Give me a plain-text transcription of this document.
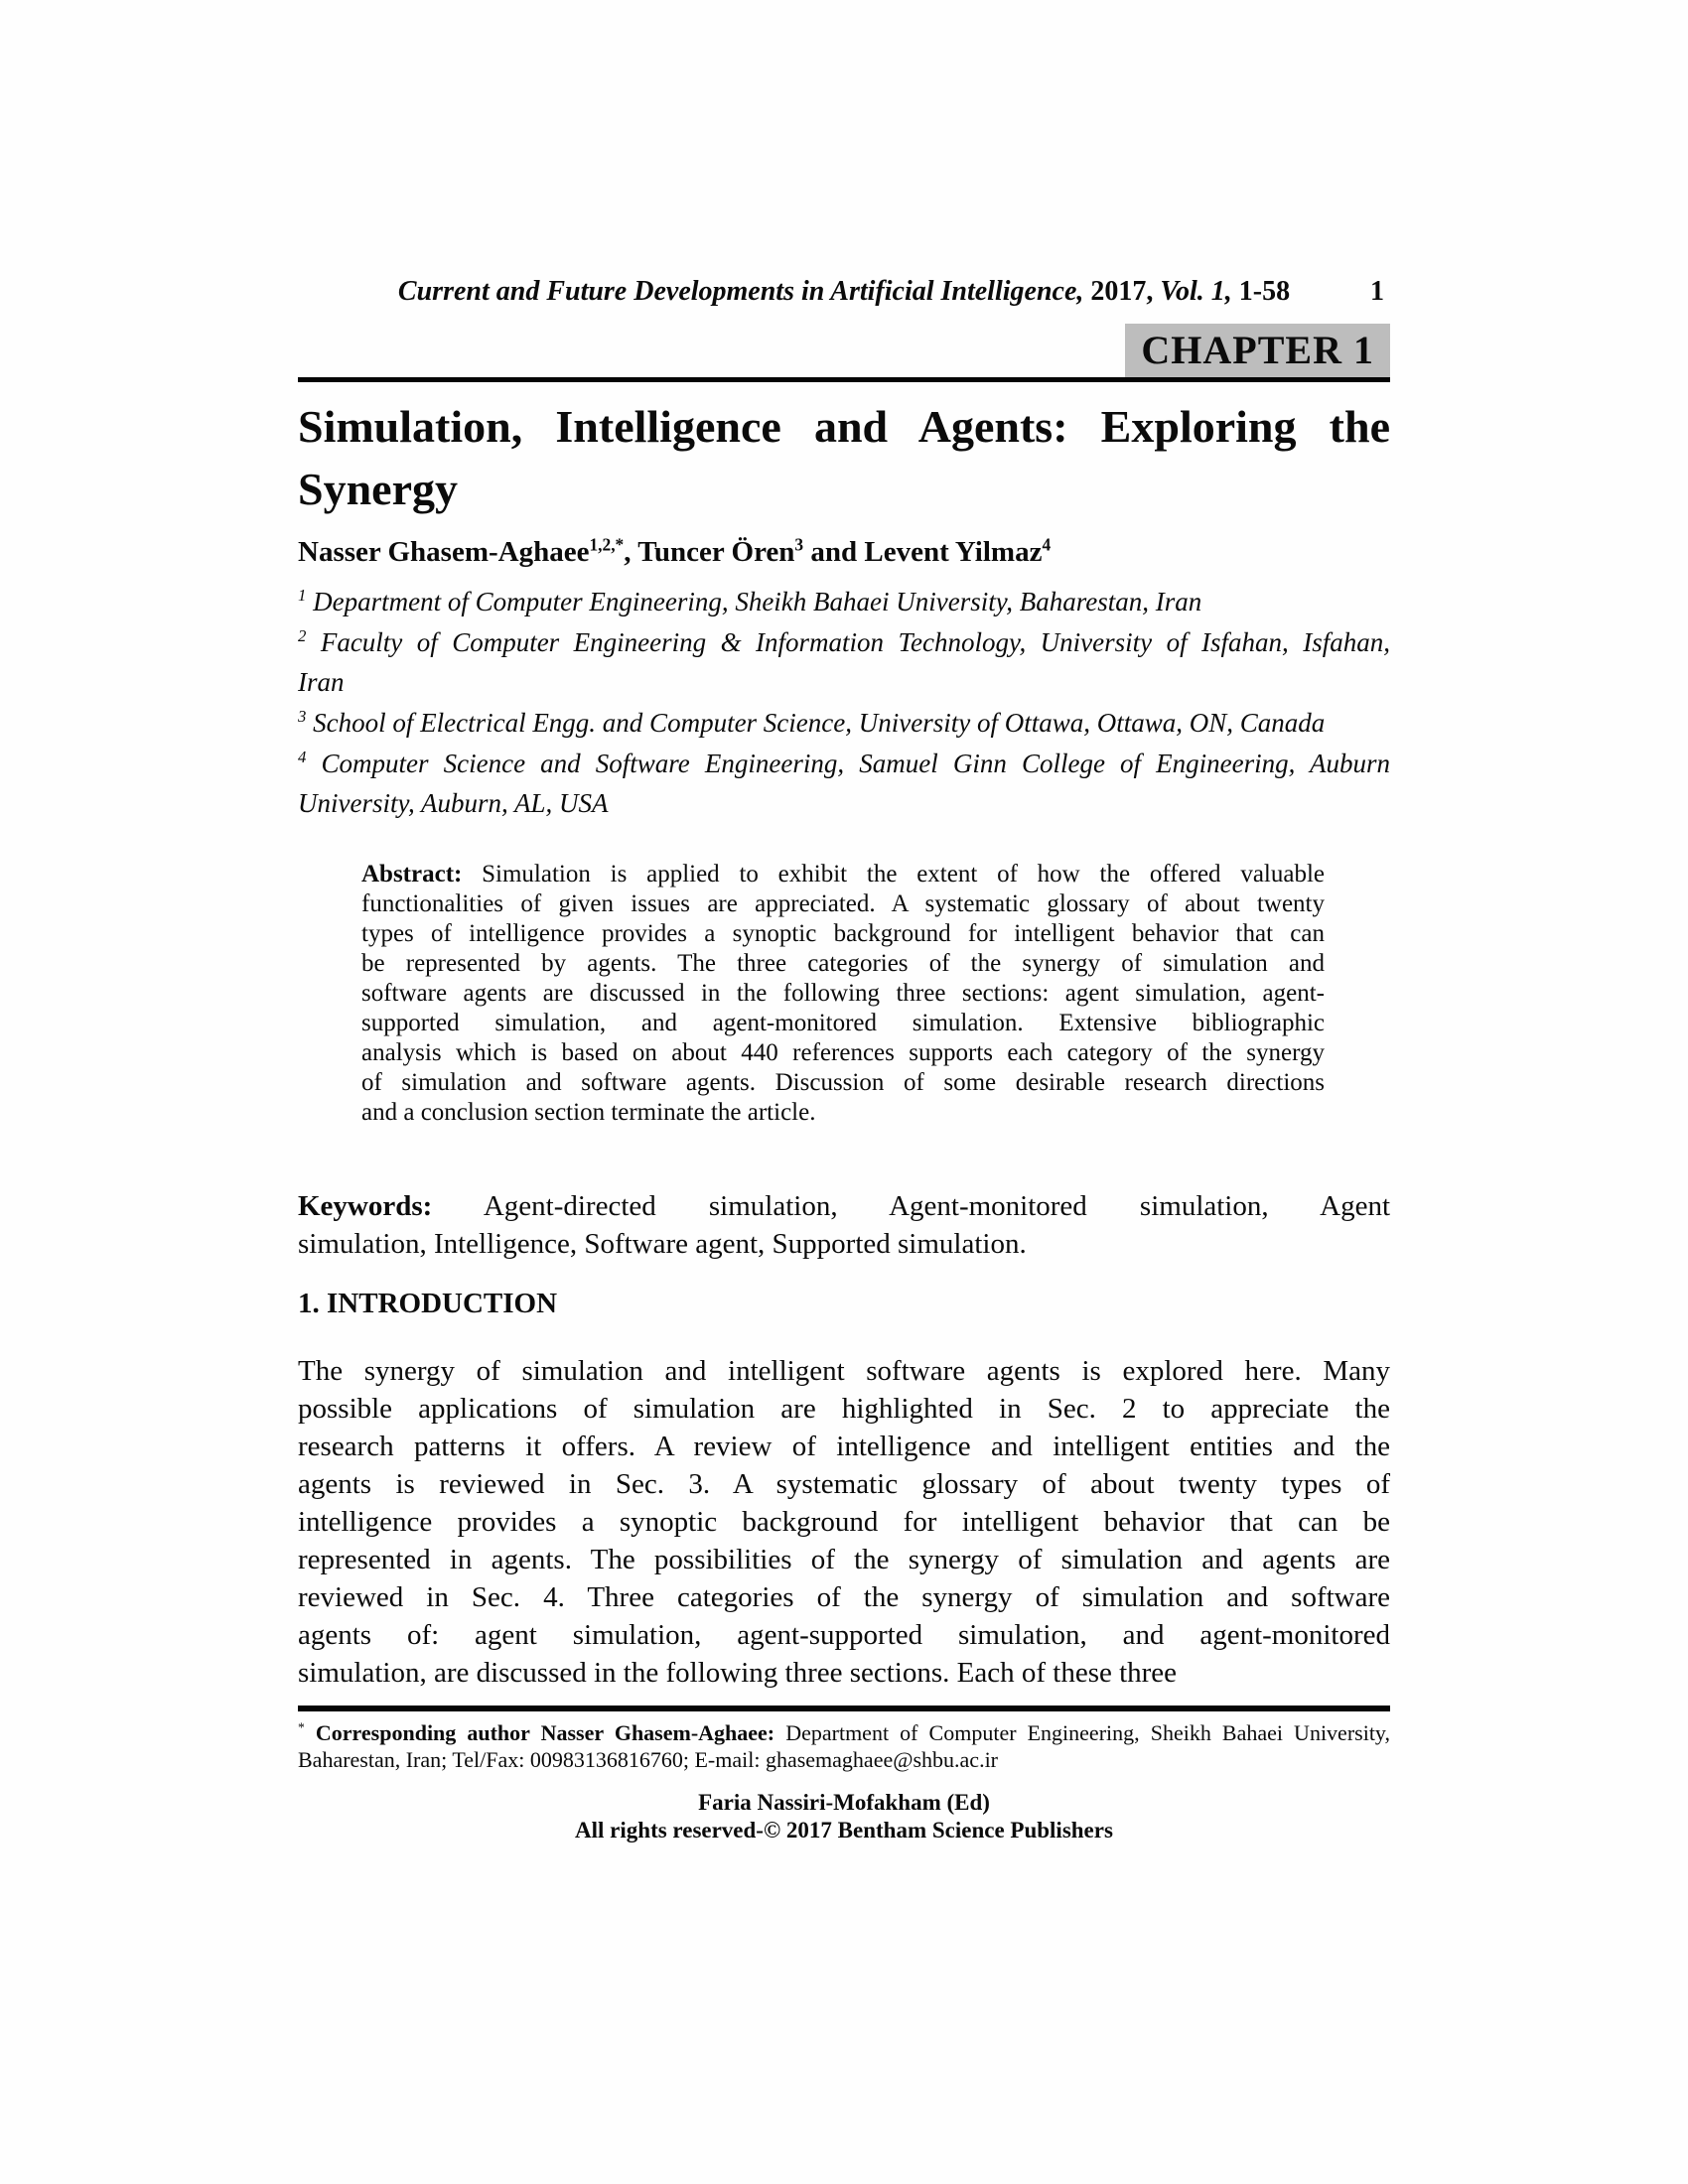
Current and Future Developments in Artificial Intelligence, 2017, Vol. 1, 1-58	1
CHAPTER 1
Simulation, Intelligence and Agents: Exploring the
Synergy
Nasser Ghasem-Aghaee$^{1,2,*}$, Tuncer Ören$^3$ and Levent Yilmaz$^4$

$^1$ Department of Computer Engineering, Sheikh Bahaei University, Baharestan, Iran

$^2$ Faculty of Computer Engineering & Information Technology, University of Isfahan, Isfahan,
Iran

$^3$ School of Electrical Engg. and Computer Science, University of Ottawa, Ottawa, ON, Canada

$^4$ Computer Science and Software Engineering, Samuel Ginn College of Engineering, Auburn
University, Auburn, AL, USA

Abstract: Simulation is applied to exhibit the extent of how the offered valuable
functionalities of given issues are appreciated. A systematic glossary of about twenty
types of intelligence provides a synoptic background for intelligent behavior that can
be represented by agents. The three categories of the synergy of simulation and
software agents are discussed in the following three sections: agent simulation, agent-
supported simulation, and agent-monitored simulation. Extensive bibliographic
analysis which is based on about 440 references supports each category of the synergy
of simulation and software agents. Discussion of some desirable research directions
and a conclusion section terminate the article.
Keywords: Agent-directed simulation, Agent-monitored simulation, Agent
simulation, Intelligence, Software agent, Supported simulation.
1. INTRODUCTION
The synergy of simulation and intelligent software agents is explored here. Many
possible applications of simulation are highlighted in Sec. 2 to appreciate the
research patterns it offers. A review of intelligence and intelligent entities and the
agents is reviewed in Sec. 3. A systematic glossary of about twenty types of
intelligence provides a synoptic background for intelligent behavior that can be
represented in agents. The possibilities of the synergy of simulation and agents are
reviewed in Sec. 4. Three categories of the synergy of simulation and software
agents of: agent simulation, agent-supported simulation, and agent-monitored
simulation, are discussed in the following three sections. Each of these three
* Corresponding author Nasser Ghasem-Aghaee: Department of Computer Engineering, Sheikh Bahaei University,
Baharestan, Iran; Tel/Fax: 00983136816760; E-mail: ghasemaghaee@shbu.ac.ir
Faria Nassiri-Mofakham (Ed)
All rights reserved-© 2017 Bentham Science Publishers
